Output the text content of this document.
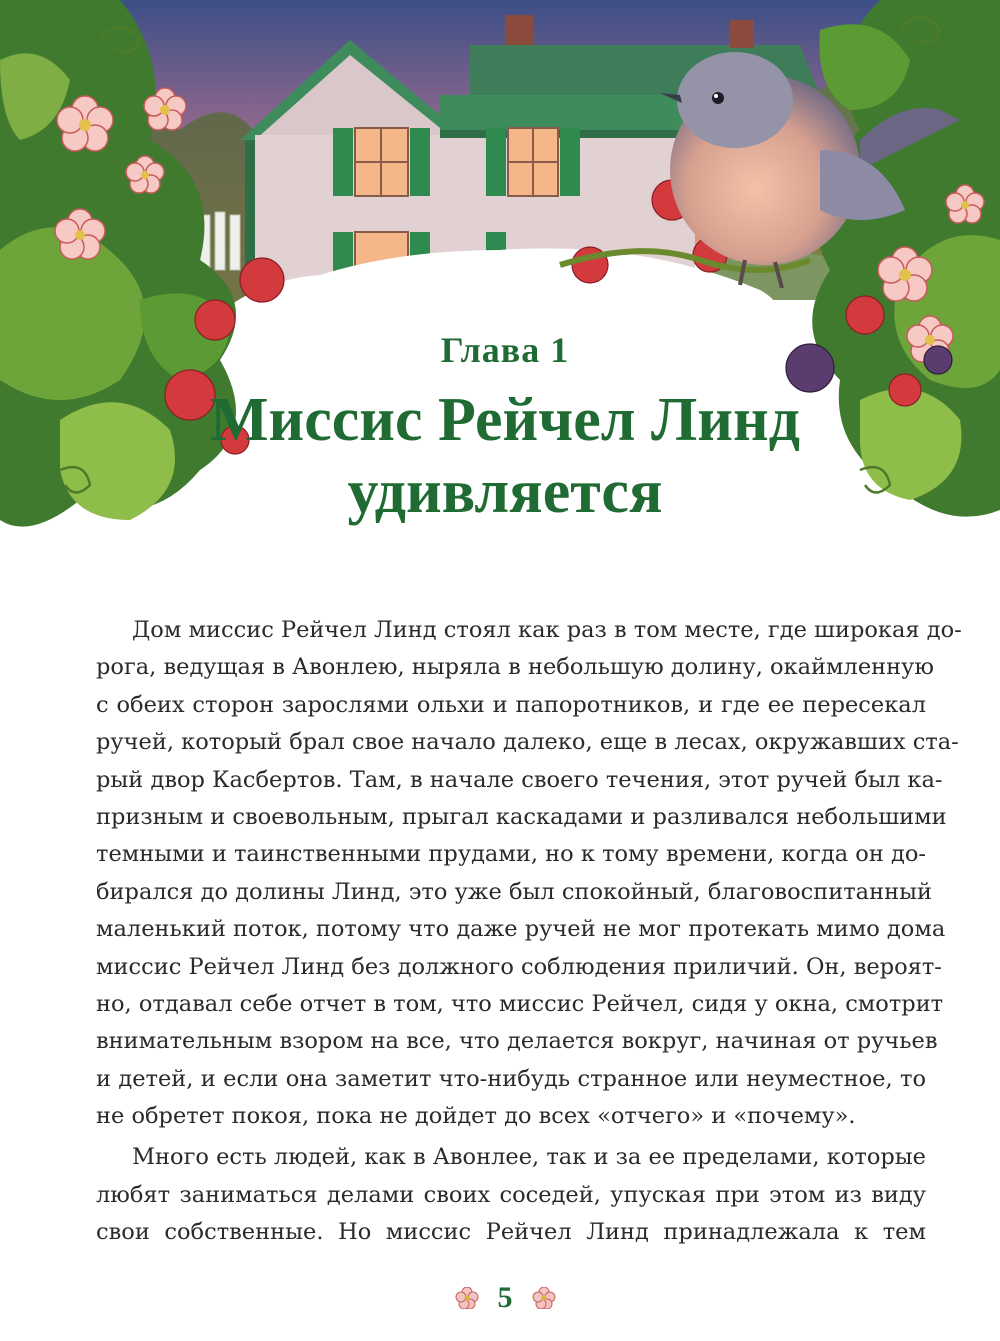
Глава 1
Миссис Рейчел Линд
удивляется
Дом миссис Рейчел Линд стоял как раз в том месте, где широкая до-
рога, ведущая в Авонлею, ныряла в небольшую долину, окаймленную
с обеих сторон зарослями ольхи и папоротников, и где ее пересекал
ручей, который брал свое начало далеко, еще в лесах, окружавших ста-
рый двор Касбертов. Там, в начале своего течения, этот ручей был ка-
призным и своевольным, прыгал каскадами и разливался небольшими
темными и таинственными прудами, но к тому времени, когда он до-
бирался до долины Линд, это уже был спокойный, благовоспитанный
маленький поток, потому что даже ручей не мог протекать мимо дома
миссис Рейчел Линд без должного соблюдения приличий. Он, вероят-
но, отдавал себе отчет в том, что миссис Рейчел, сидя у окна, смотрит
внимательным взором на все, что делается вокруг, начиная от ручьев
и детей, и если она заметит что-нибудь странное или неуместное, то
не обретет покоя, пока не дойдет до всех «отчего» и «почему».
Много есть людей, как в Авонлее, так и за ее пределами, которые
любят заниматься делами своих соседей, упуская при этом из виду
свои собственные. Но миссис Рейчел Линд принадлежала к тем
5
